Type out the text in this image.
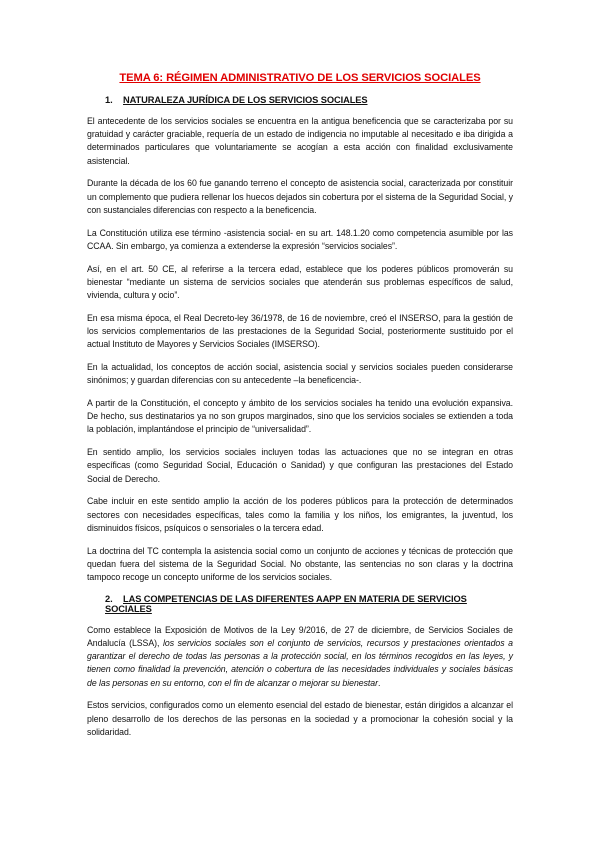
TEMA 6: RÉGIMEN ADMINISTRATIVO DE LOS SERVICIOS SOCIALES
1. NATURALEZA JURÍDICA DE LOS SERVICIOS SOCIALES

El antecedente de los servicios sociales se encuentra en la antigua beneficencia que se caracterizaba por su gratuidad y carácter graciable, requería de un estado de indigencia no imputable al necesitado e iba dirigida a determinados particulares que voluntariamente se acogían a esta acción con finalidad exclusivamente asistencial.

Durante la década de los 60 fue ganando terreno el concepto de asistencia social, caracterizada por constituir un complemento que pudiera rellenar los huecos dejados sin cobertura por el sistema de la Seguridad Social, y con sustanciales diferencias con respecto a la beneficencia.

La Constitución utiliza ese término -asistencia social- en su art. 148.1.20 como competencia asumible por las CCAA. Sin embargo, ya comienza a extenderse la expresión “servicios sociales”.

Así, en el art. 50 CE, al referirse a la tercera edad, establece que los poderes públicos promoverán su bienestar “mediante un sistema de servicios sociales que atenderán sus problemas específicos de salud, vivienda, cultura y ocio”.

En esa misma época, el Real Decreto-ley 36/1978, de 16 de noviembre, creó el INSERSO, para la gestión de los servicios complementarios de las prestaciones de la Seguridad Social, posteriormente sustituido por el actual Instituto de Mayores y Servicios Sociales (IMSERSO).

En la actualidad, los conceptos de acción social, asistencia social y servicios sociales pueden considerarse sinónimos; y guardan diferencias con su antecedente –la beneficencia-.

A partir de la Constitución, el concepto y ámbito de los servicios sociales ha tenido una evolución expansiva. De hecho, sus destinatarios ya no son grupos marginados, sino que los servicios sociales se extienden a toda la población, implantándose el principio de “universalidad”.

En sentido amplio, los servicios sociales incluyen todas las actuaciones que no se integran en otras específicas (como Seguridad Social, Educación o Sanidad) y que configuran las prestaciones del Estado Social de Derecho.

Cabe incluir en este sentido amplio la acción de los poderes públicos para la protección de determinados sectores con necesidades específicas, tales como la familia y los niños, los emigrantes, la juventud, los disminuidos físicos, psíquicos o sensoriales o la tercera edad.

La doctrina del TC contempla la asistencia social como un conjunto de acciones y técnicas de protección que quedan fuera del sistema de la Seguridad Social. No obstante, las sentencias no son claras y la doctrina tampoco recoge un concepto uniforme de los servicios sociales.

2. LAS COMPETENCIAS DE LAS DIFERENTES AAPP EN MATERIA DE SERVICIOS SOCIALES

Como establece la Exposición de Motivos de la Ley 9/2016, de 27 de diciembre, de Servicios Sociales de Andalucía (LSSA), los servicios sociales son el conjunto de servicios, recursos y prestaciones orientados a garantizar el derecho de todas las personas a la protección social, en los términos recogidos en las leyes, y tienen como finalidad la prevención, atención o cobertura de las necesidades individuales y sociales básicas de las personas en su entorno, con el fin de alcanzar o mejorar su bienestar.

Estos servicios, configurados como un elemento esencial del estado de bienestar, están dirigidos a alcanzar el pleno desarrollo de los derechos de las personas en la sociedad y a promocionar la cohesión social y la solidaridad.
